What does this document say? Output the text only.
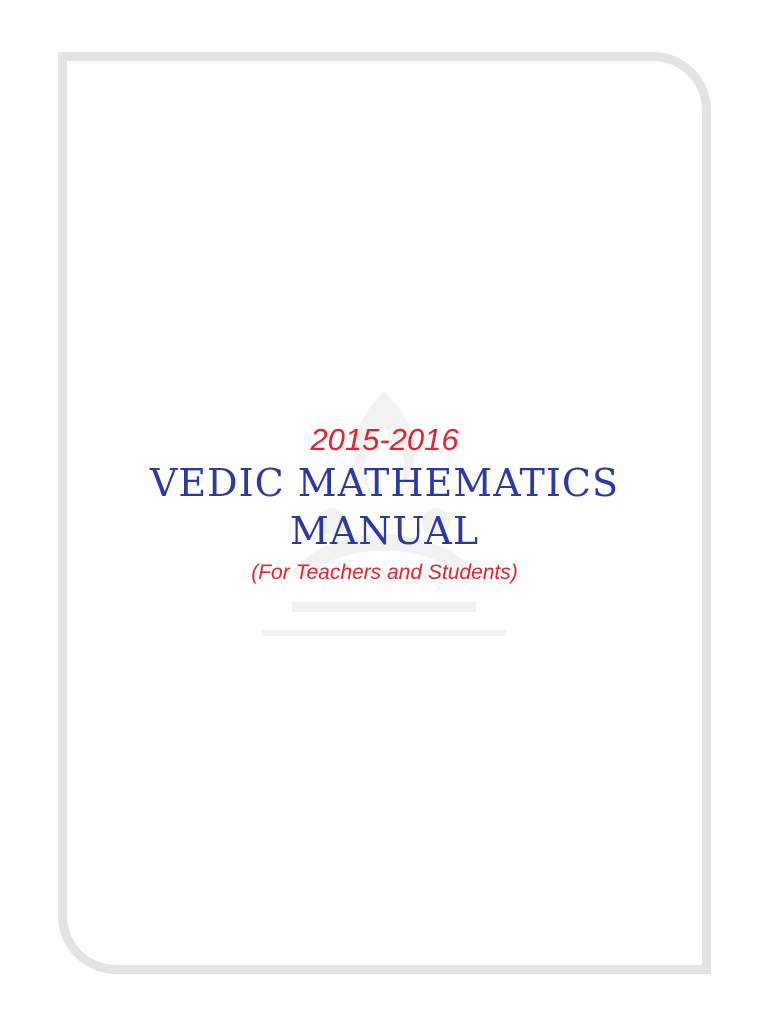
2015-2016
VEDIC MATHEMATICS
MANUAL
(For Teachers and Students)
